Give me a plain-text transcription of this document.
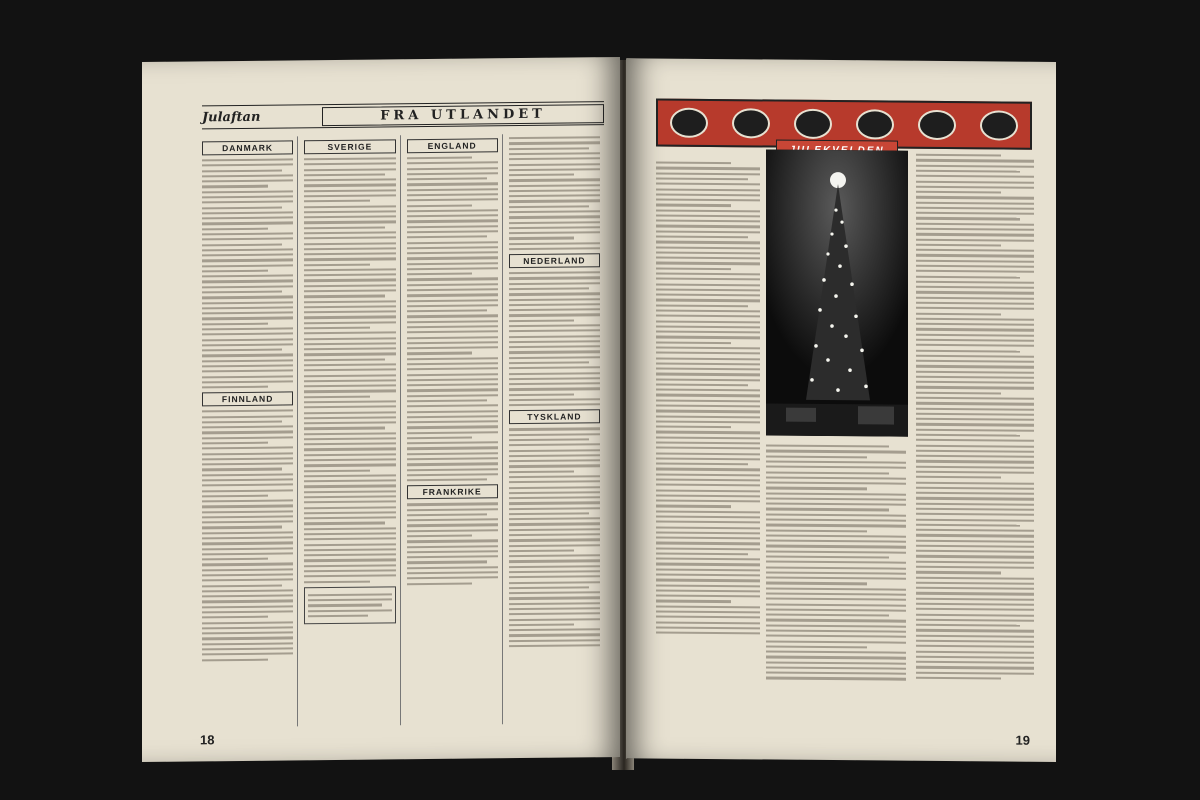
Julaftan	FRA UTLANDET
DANMARK
FINNLAND
SVERIGE	ENGLAND
FRANKRIKE
NEDERLAND
TYSKLAND
18	19
